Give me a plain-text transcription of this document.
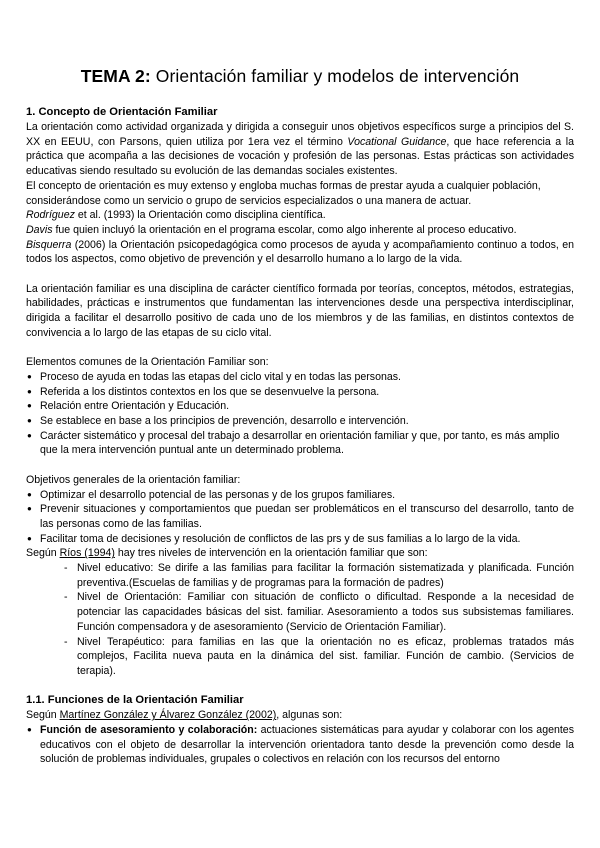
TEMA 2: Orientación familiar y modelos de intervención
1. Concepto de Orientación Familiar

La orientación como actividad organizada y dirigida a conseguir unos objetivos específicos surge a principios del S. XX en EEUU, con Parsons, quien utiliza por 1era vez el término Vocational Guidance, que hace referencia a la práctica que acompaña a las decisiones de vocación y profesión de las personas. Estas prácticas son actividades educativas siendo resultado su evolución de las demandas sociales existentes.

El concepto de orientación es muy extenso y engloba muchas formas de prestar ayuda a cualquier población, considerándose como un servicio o grupo de servicios especializados o una manera de actuar.

Rodríguez et al. (1993) la Orientación como disciplina científica.

Davis fue quien incluyó la orientación en el programa escolar, como algo inherente al proceso educativo.

Bisquerra (2006) la Orientación psicopedagógica como procesos de ayuda y acompañamiento continuo a todos, en todos los aspectos, como objetivo de prevención y el desarrollo humano a lo largo de la vida.

La orientación familiar es una disciplina de carácter científico formada por teorías, conceptos, métodos, estrategias, habilidades, prácticas e instrumentos que fundamentan las intervenciones desde una perspectiva interdisciplinar, dirigida a facilitar el desarrollo positivo de cada uno de los miembros y de las familias, en distintos contextos de convivencia a lo largo de las etapas de su ciclo vital.

Elementos comunes de la Orientación Familiar son:

● Proceso de ayuda en todas las etapas del ciclo vital y en todas las personas.
● Referida a los distintos contextos en los que se desenvuelve la persona.
● Relación entre Orientación y Educación.
● Se establece en base a los principios de prevención, desarrollo e intervención.
● Carácter sistemático y procesal del trabajo a desarrollar en orientación familiar y que, por tanto, es más amplio que la mera intervención puntual ante un determinado problema.

Objetivos generales de la orientación familiar:

● Optimizar el desarrollo potencial de las personas y de los grupos familiares.
● Prevenir situaciones y comportamientos que puedan ser problemáticos en el transcurso del desarrollo, tanto de las personas como de las familias.
● Facilitar toma de decisiones y resolución de conflictos de las prs y de sus familias a lo largo de la vida.

Según Ríos (1994) hay tres niveles de intervención en la orientación familiar que son:

- Nivel educativo: Se dirife a las familias para facilitar la formación sistematizada y planificada. Función preventiva.(Escuelas de familias y de programas para la formación de padres)
- Nivel de Orientación: Familiar con situación de conflicto o dificultad. Responde a la necesidad de potenciar las capacidades básicas del sist. familiar. Asesoramiento a todos sus subsistemas familiares. Función compensadora y de asesoramiento (Servicio de Orientación Familiar).
- Nivel Terapéutico: para familias en las que la orientación no es eficaz, problemas tratados más complejos, Facilita nueva pauta en la dinámica del sist. familiar. Función de cambio. (Servicios de terapia).
1.1. Funciones de la Orientación Familiar

Según Martínez González y Álvarez González (2002), algunas son:

● Función de asesoramiento y colaboración: actuaciones sistemáticas para ayudar y colaborar con los agentes educativos con el objeto de desarrollar la intervención orientadora tanto desde la prevención como desde la solución de problemas individuales, grupales o colectivos en relación con los recursos del entorno
